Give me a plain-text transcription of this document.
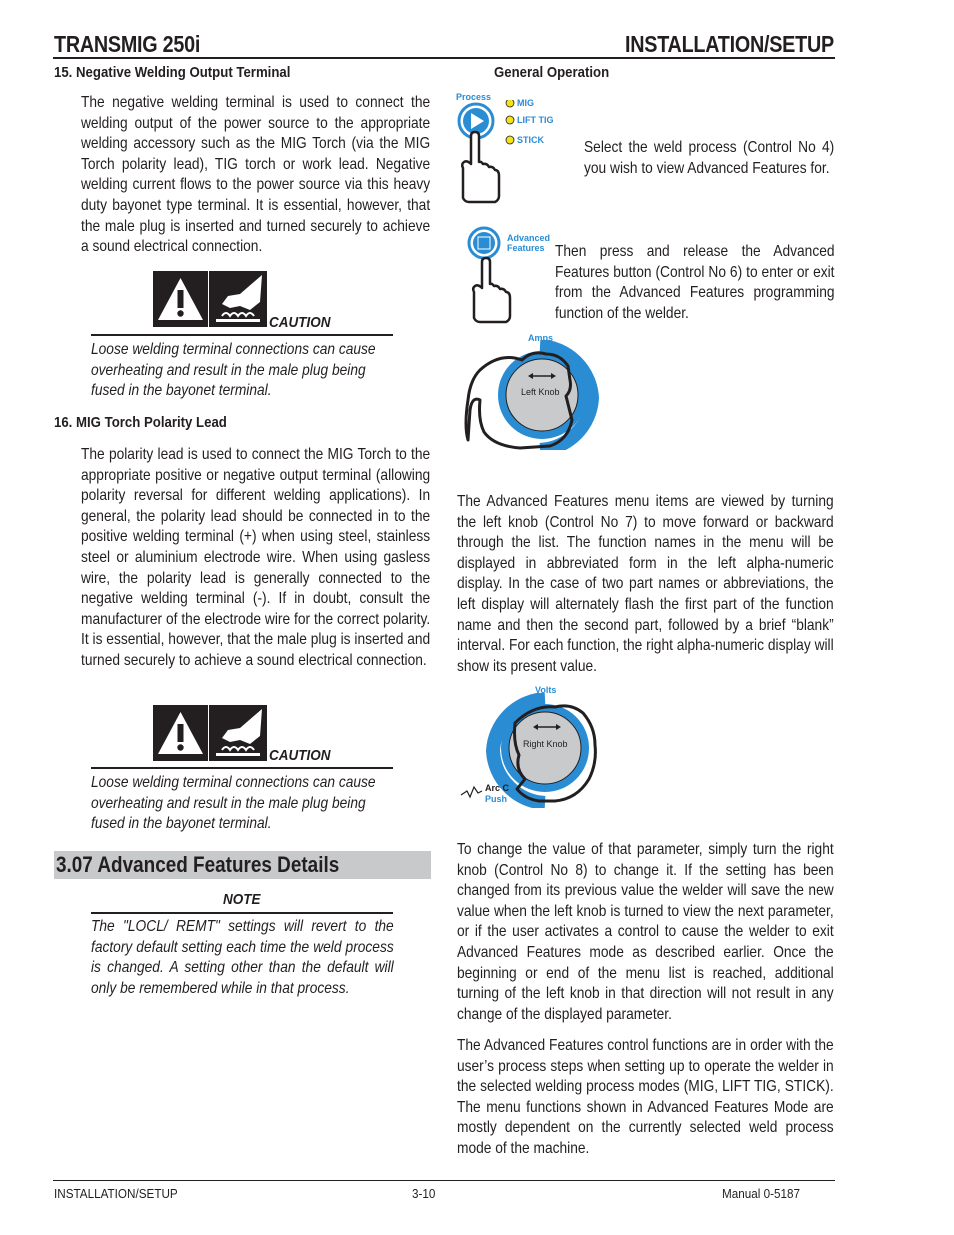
TRANSMIG 250i	INSTALLATION/SETUP
15. Negative Welding Output Terminal
The negative welding terminal is used to connect the welding output of the power source to the appropriate welding accessory such as the MIG Torch (via the MIG Torch polarity lead), TIG torch or work lead. Negative welding current flows to the power source via this heavy duty bayonet type terminal. It is essential, however, that the male plug is inserted and turned securely to achieve a sound electrical connection.
CAUTION
Loose welding terminal connections can cause overheating and result in the male plug being fused in the bayonet terminal.
16. MIG Torch Polarity Lead
The polarity lead is used to connect the MIG Torch to the appropriate positive or negative output terminal (allowing polarity reversal for different welding applications). In general, the polarity lead should be connected in to the positive welding terminal (+) when using steel, stainless steel or aluminium electrode wire. When using gasless wire, the polarity lead is generally connected to the negative welding terminal (-). If in doubt, consult the manufacturer of the electrode wire for the correct polarity. It is essential, however, that the male plug is inserted and turned securely to achieve a sound electrical connection.
CAUTION
Loose welding terminal connections can cause overheating and result in the male plug being fused in the bayonet terminal.
3.07 Advanced Features Details
NOTE
The "LOCL/ REMT" settings will revert to the factory default setting each time the weld process is changed. A setting other than the default will only be remembered while in that process.
General Operation
Process
MIG
LIFT TIG
STICK	Select the weld process (Control No 4) you wish to view Advanced Features for.
Advanced
Features Then press and release the Advanced Features button (Control No 6) to enter or exit from the Advanced Features programming function of the welder.
Amps
Left Knob
The Advanced Features menu items are viewed by turning the left knob (Control No 7) to move forward or backward through the list. The function names in the menu will be displayed in abbreviated form in the left alpha-numeric display. In the case of two part names or abbreviations, the left display will alternately flash the first part of the function name and then the second part, followed by a brief “blank” interval. For each function, the right alpha-numeric display will show its present value.
Volts
Right Knob
Arc C
Push
To change the value of that parameter, simply turn the right knob (Control No 8) to change it. If the setting has been changed from its previous value the welder will save the new value when the left knob is turned to view the next parameter, or if the user activates a control to cause the welder to exit Advanced Features mode as described earlier. Once the beginning or end of the menu list is reached, additional turning of the left knob in that direction will not result in any change of the displayed parameter.
The Advanced Features control functions are in order with the user’s process steps when setting up to operate the welder in the selected welding process modes (MIG, LIFT TIG, STICK). The menu functions shown in Advanced Features Mode are mostly dependent on the currently selected weld process mode of the machine.
INSTALLATION/SETUP	3-10	Manual 0-5187
